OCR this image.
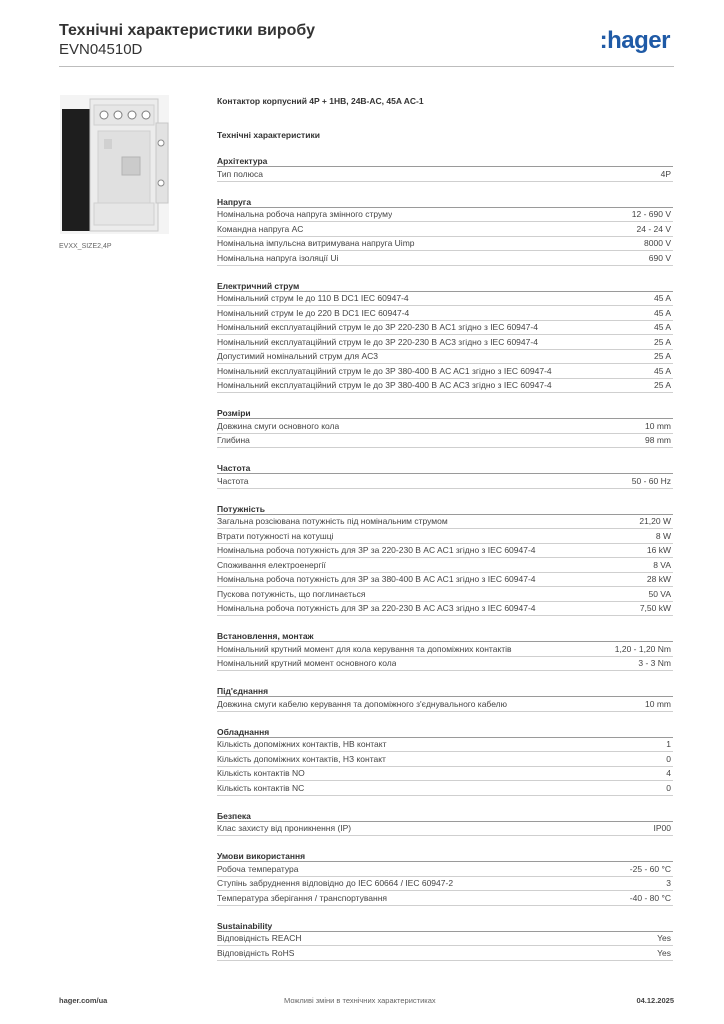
Технічні характеристики виробу
EVN04510D	:hager
EVXX_SIZE2,4P
Контактор корпусний 4P + 1НВ, 24В-AC, 45A AC-1
Технічні характеристики
Архітектура
Тип полюса	4P
Напруга
Номінальна робоча напруга змінного струму	12 - 690 V
Командна напруга AC	24 - 24 V
Номінальна імпульсна витримувана напруга Uimp	8000 V
Номінальна напруга ізоляції Ui	690 V
Електричний струм
Номінальний струм Ie до 110 В DC1 IEC 60947-4	45 A
Номінальний струм Ie до 220 В DC1 IEC 60947-4	45 A
Номінальний експлуатаційний струм Ie до 3P 220-230 В AC1 згідно з IEC 60947-4	45 A
Номінальний експлуатаційний струм Ie до 3P 220-230 В AC3 згідно з IEC 60947-4	25 A
Допустимий номінальний струм для AC3	25 A
Номінальний експлуатаційний струм Ie до 3P 380-400 В AC AC1 згідно з IEC 60947-4	45 A
Номінальний експлуатаційний струм Ie до 3P 380-400 В AC AC3 згідно з IEC 60947-4	25 A
Розміри
Довжина смуги основного кола	10 mm
Глибина	98 mm
Частота
Частота	50 - 60 Hz
Потужність
Загальна розсіювана потужність під номінальним струмом	21,20 W
Втрати потужності на котушці	8 W
Номінальна робоча потужність для 3P за 220-230 В AC AC1 згідно з IEC 60947-4	16 kW
Споживання електроенергії	8 VA
Номінальна робоча потужність для 3P за 380-400 В AC AC1 згідно з IEC 60947-4	28 kW
Пускова потужність, що поглинається	50 VA
Номінальна робоча потужність для 3P за 220-230 В AC AC3 згідно з IEC 60947-4	7,50 kW
Встановлення, монтаж
Номінальний крутний момент для кола керування та допоміжних контактів	1,20 - 1,20 Nm
Номінальний крутний момент основного кола	3 - 3 Nm
Під'єднання
Довжина смуги кабелю керування та допоміжного з'єднувального кабелю	10 mm
Обладнання
Кількість допоміжних контактів, НВ контакт	1
Кількість допоміжних контактів, НЗ контакт	0
Кількість контактів NO	4
Кількість контактів NC	0
Безпека
Клас захисту від проникнення (IP)	IP00
Умови використання
Робоча температура	-25 - 60 °C
Ступінь забруднення відповідно до IEC 60664 / IEC 60947-2	3
Температура зберігання / транспортування	-40 - 80 °C
Sustainability
Відповідність REACH	Yes
Відповідність RoHS	Yes
hager.com/ua	Можливі зміни в технічних характеристиках	04.12.2025
